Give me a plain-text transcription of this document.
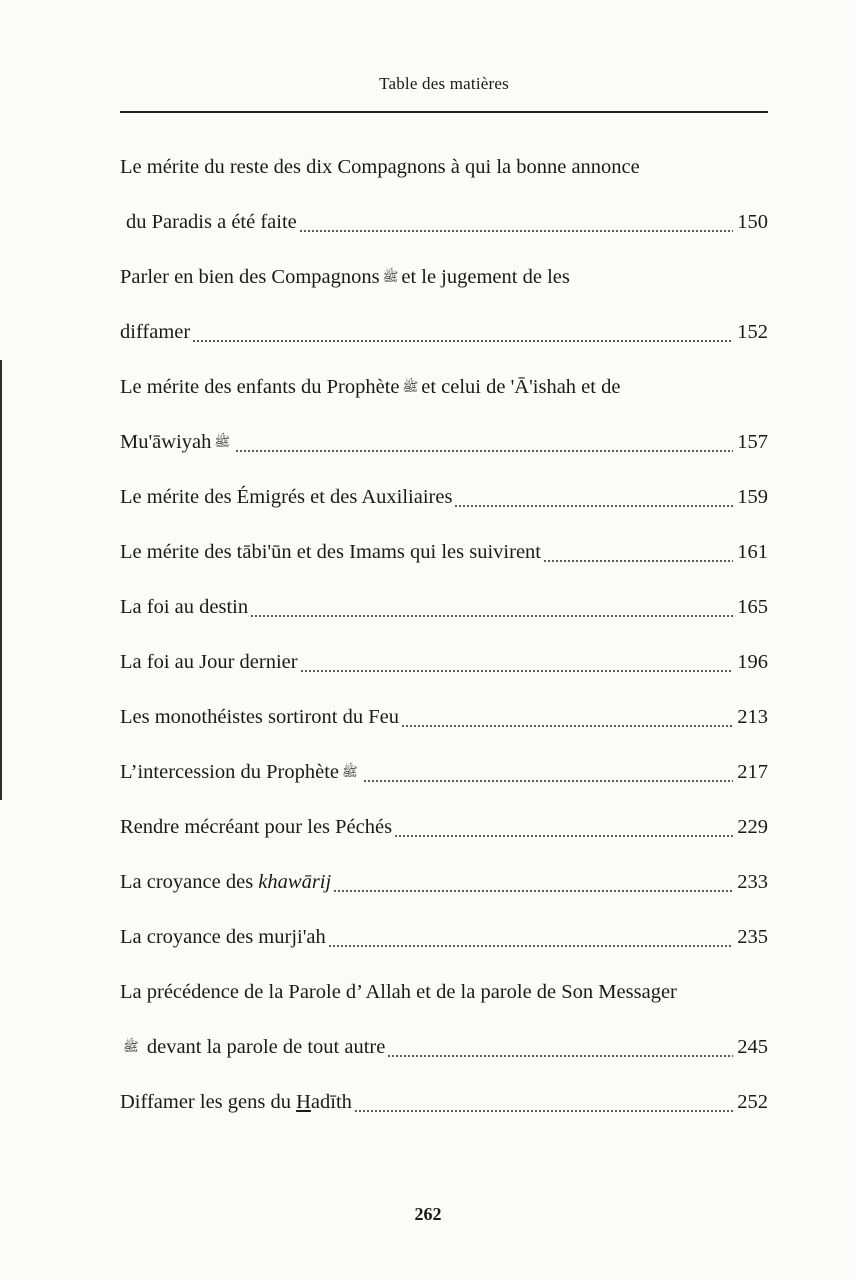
Table des matières
Le mérite du reste des dix Compagnons à qui la bonne annonce
du Paradis a été faite	150
Parler en bien des Compagnons ﷺ et le jugement de les
diffamer	152
Le mérite des enfants du Prophète ﷺ et celui de 'Ā'ishah et de
Mu'āwiyah ﷺ	157
Le mérite des Émigrés et des Auxiliaires	159
Le mérite des tābi'ūn et des Imams qui les suivirent	161
La foi au destin	165
La foi au Jour dernier	196
Les monothéistes sortiront du Feu	213
L’intercession du Prophète ﷺ	217
Rendre mécréant pour les Péchés	229
La croyance des khawārij	233
La croyance des murji'ah	235
La précédence de la Parole d’ Allah et de la parole de Son Messager
ﷺ devant la parole de tout autre	245
Diffamer les gens du Hadīth	252
262
